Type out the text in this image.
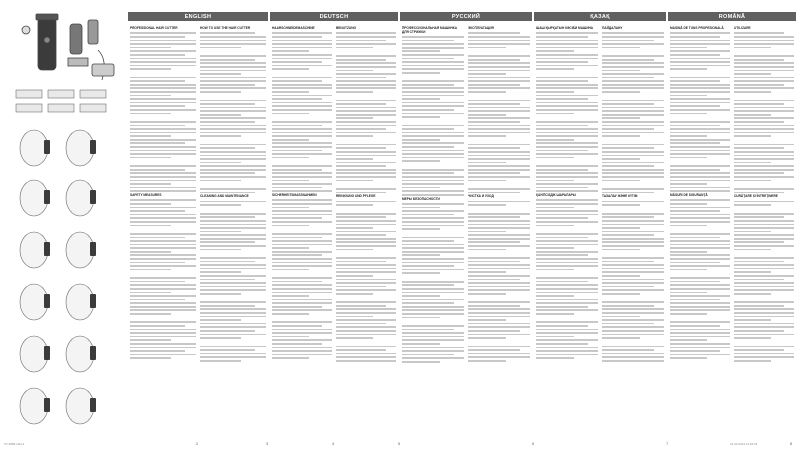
ENGLISH	DEUTSCH	РУССКИЙ	ҚАЗАҚ	ROMÂNĂ
PROFESSIONAL HAIR CUTTER
SAFETY MEASURES
HOW TO USE THE HAIR CUTTER
CLEANING AND MAINTENANCE
HAARSCHNEIDEMASCHINE
SICHERHEITSMASSNAHMEN
BENUTZUNG
REINIGUNG UND PFLEGE
ПРОФЕССИОНАЛЬНАЯ МАШИНКА ДЛЯ СТРИЖКИ
МЕРЫ БЕЗОПАСНОСТИ
ЭКСПЛУАТАЦИЯ
ЧИСТКА И УХОД
ШАШ ҚЫРҚАТЫН КӘСІБИ МАШИНА
ҚАУІПСІЗДІК ШАРАЛАРЫ
ПАЙДАЛАНУ
ТАЗАЛАУ ЖӘНЕ КҮТІМ
MAȘINĂ DE TUNS PROFESIONALĂ
MĂSURI DE SIGURANȚĂ
UTILIZARE
CURĂȚARE ȘI ÎNTREȚINERE
2	3	4	5	6	7	8
VT-2586.indd 2	21.04.2014 11:46:22
